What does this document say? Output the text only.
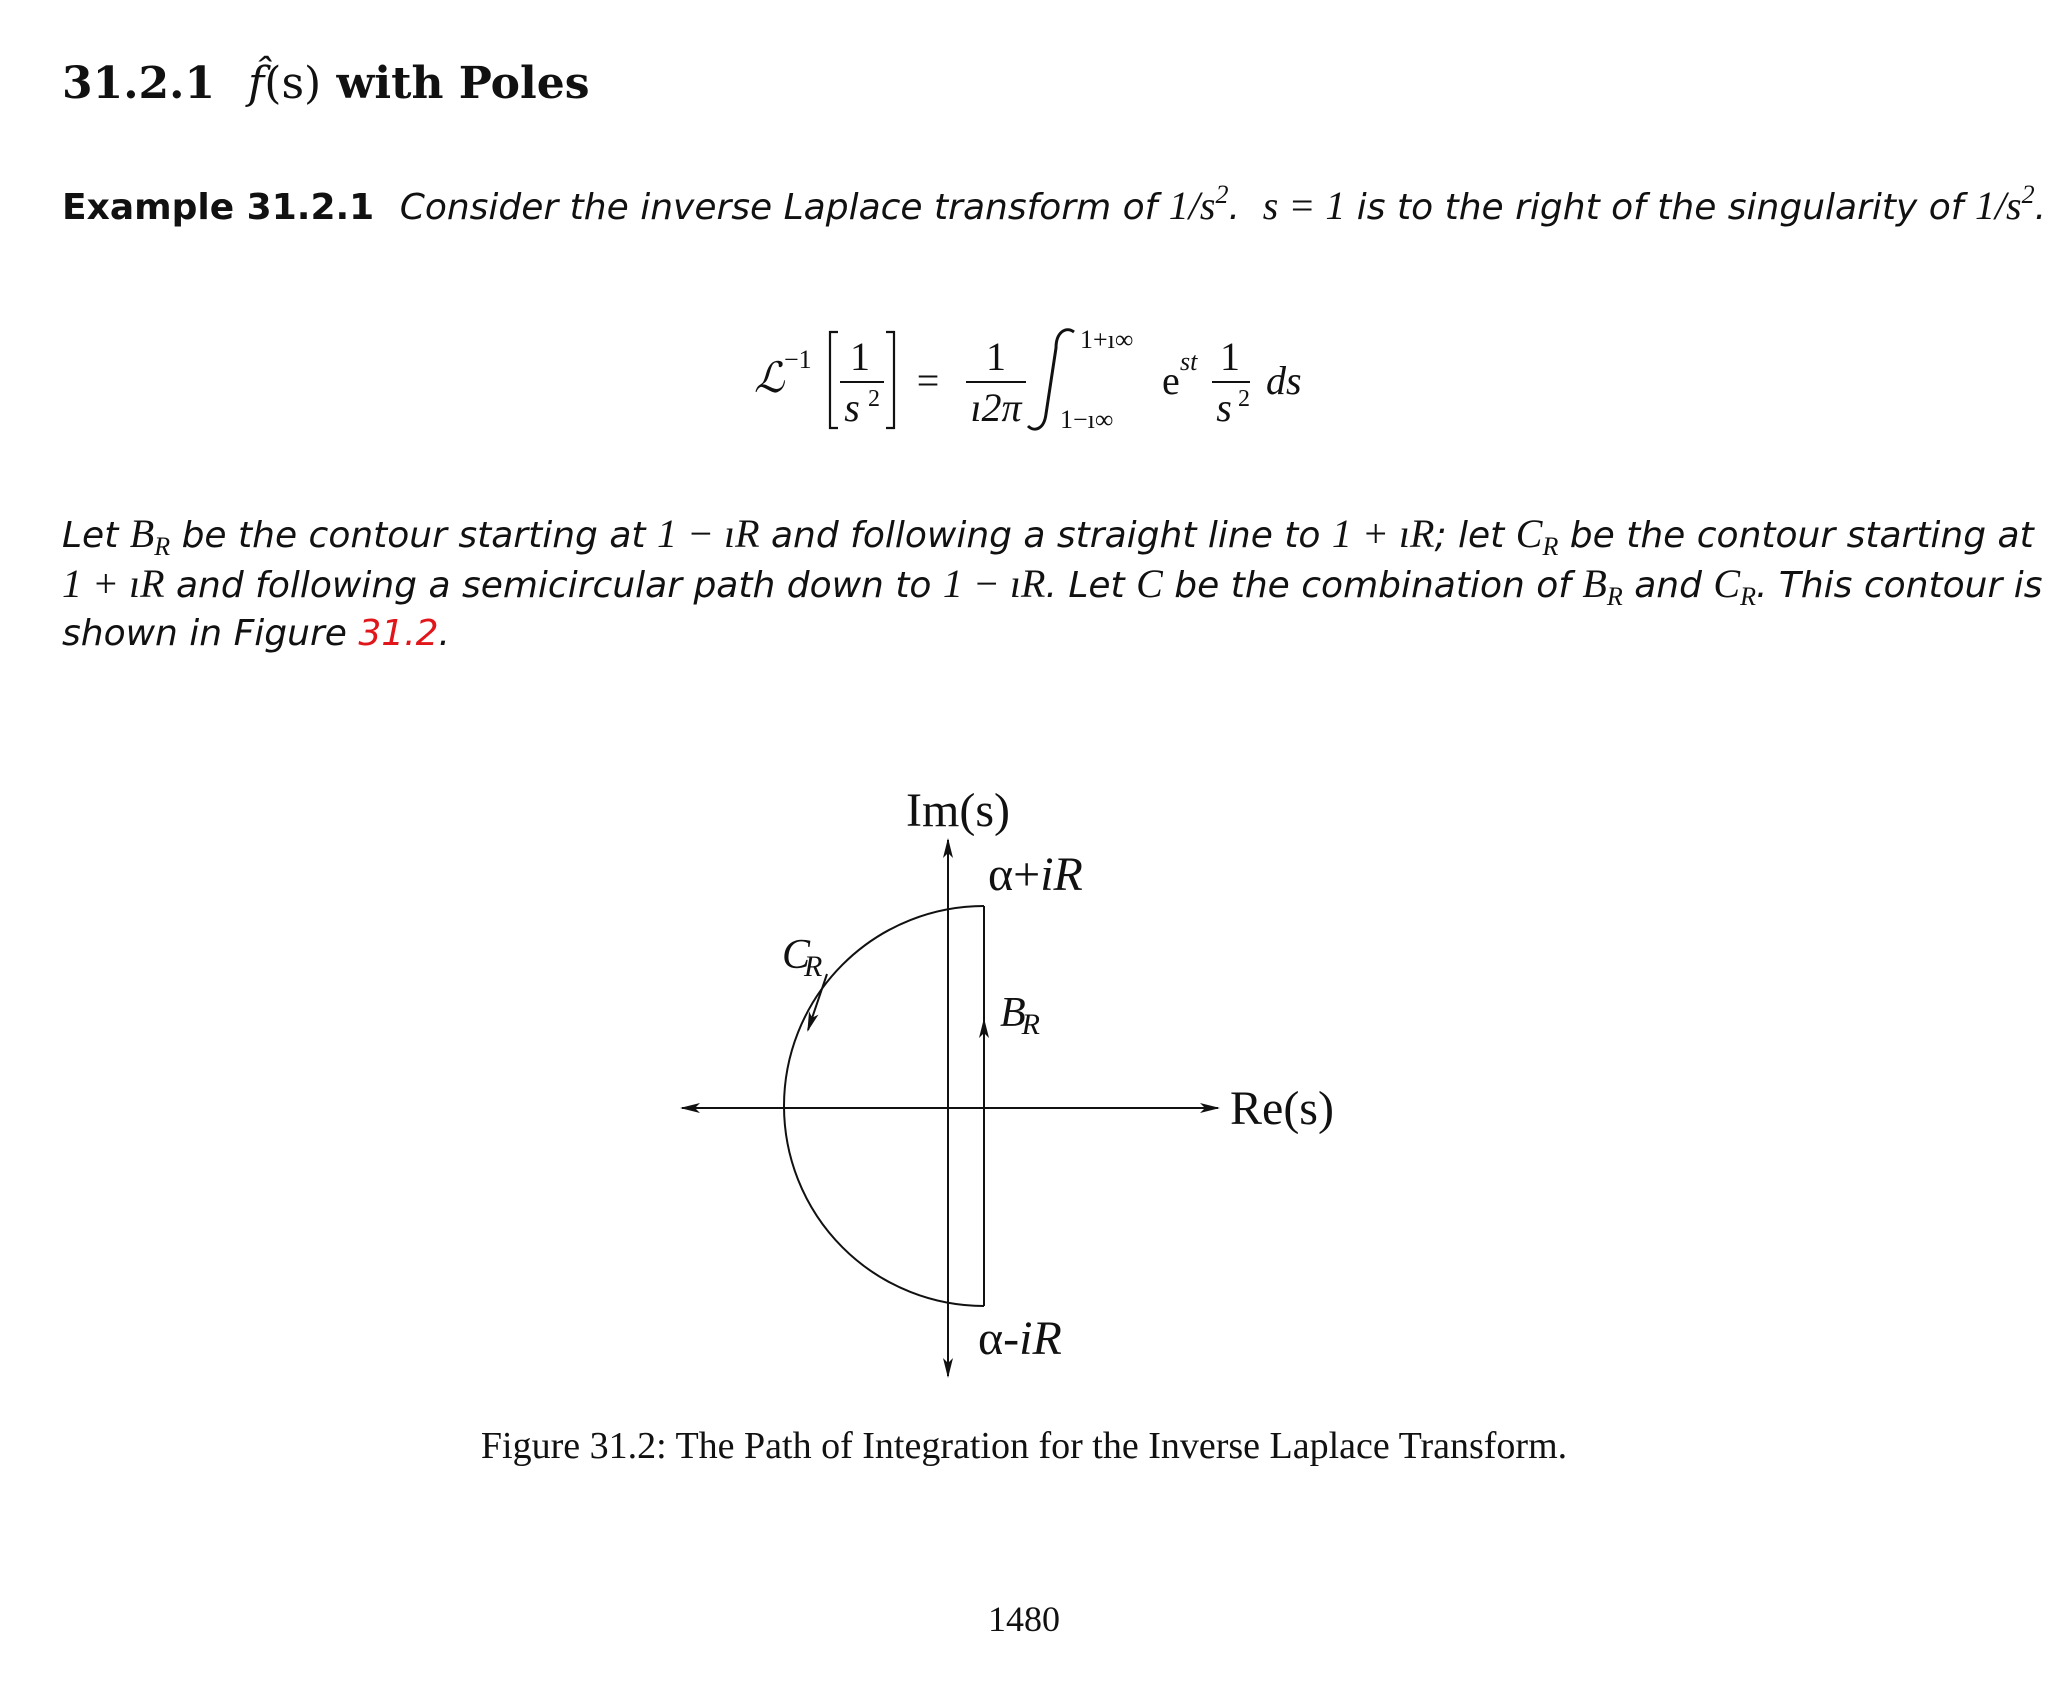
31.2.1 f̂(s) with Poles
Example 31.2.1 Consider the inverse Laplace transform of $1/s^2$. s = 1 is to the right of the singularity of $1/s^2$.
ℒ −1 1
s 2 =
1
ı2π
1+ı∞
1−ı∞
e st 1
s 2 ds
Let $B_R$ be the contour starting at 1 − ıR and following a straight line to 1 + ıR; let $C_R$ be the contour starting at
1 + ıR and following a semicircular path down to 1 − ıR. Let C be the combination of $B_R$ and $C_R$. This contour is
shown in Figure 31.2.
Im(s)
Re(s)
α+iR
α-iR
CR
BR
Figure 31.2: The Path of Integration for the Inverse Laplace Transform.
1480
